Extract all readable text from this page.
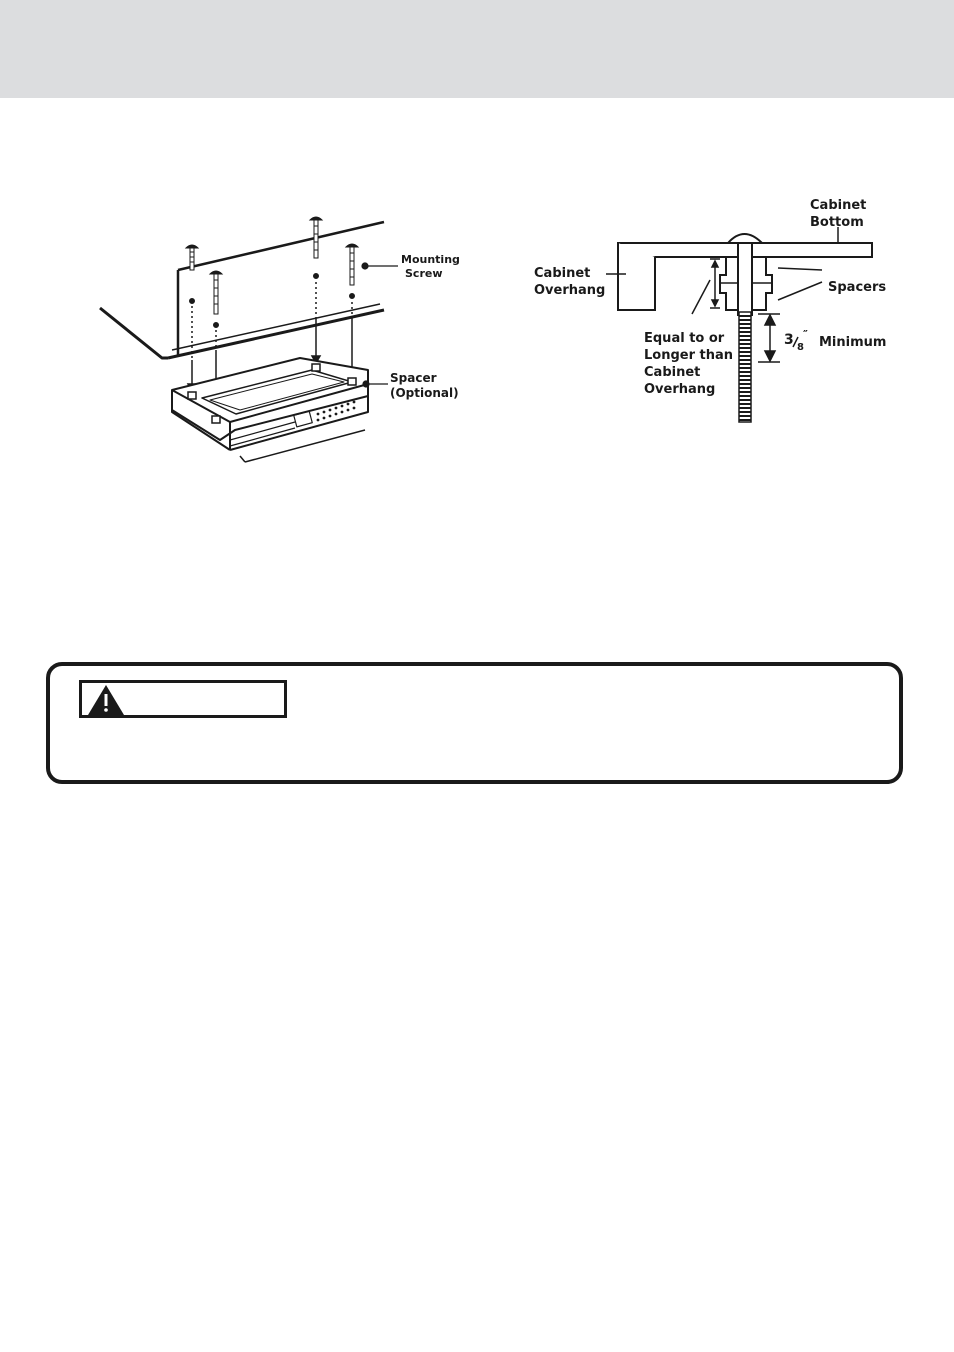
Mounting
Screw
Spacer
(Optional)
Cabinet
Bottom
Cabinet
Overhang	Spacers
Equal to or
Longer than
Cabinet
Overhang
3 8
″
Minimum
